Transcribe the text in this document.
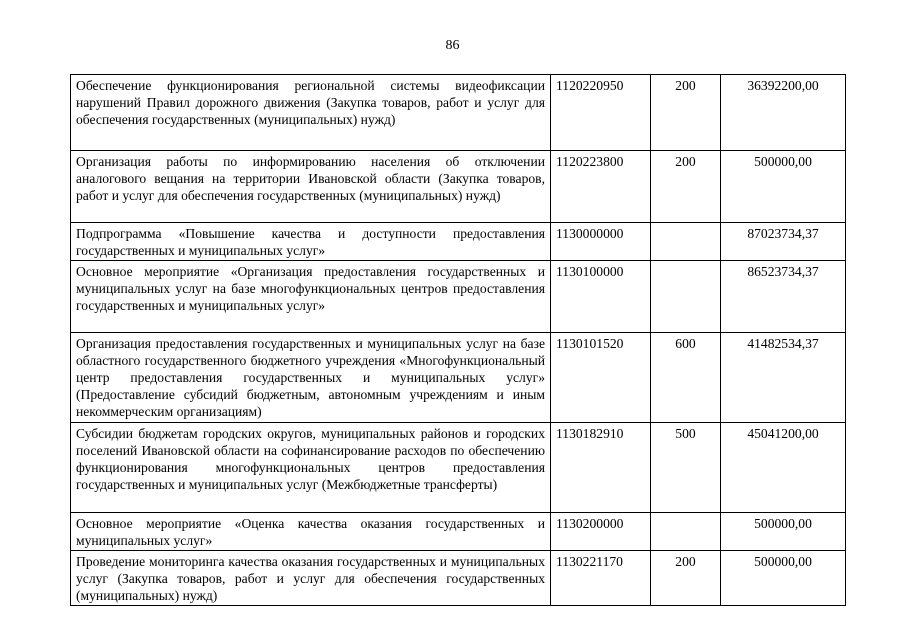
86
Обеспечение функционирования региональной системы видеофиксации нарушений Правил дорожного движения (Закупка товаров, работ и услуг для обеспечения государственных (муниципальных) нужд)	1120220950	200	36392200,00
Организация работы по информированию населения об отключении аналогового вещания на территории Ивановской области (Закупка товаров, работ и услуг для обеспечения государственных (муниципальных) нужд)	1120223800	200	500000,00
Подпрограмма «Повышение качества и доступности предоставления государственных и муниципальных услуг»	1130000000		87023734,37
Основное мероприятие «Организация предоставления государственных и муниципальных услуг на базе многофункциональных центров предоставления государственных и муниципальных услуг»	1130100000		86523734,37
Организация предоставления государственных и муниципальных услуг на базе областного государственного бюджетного учреждения «Многофункциональный центр предоставления государственных и муниципальных услуг» (Предоставление субсидий бюджетным, автономным учреждениям и иным некоммерческим организациям)	1130101520	600	41482534,37
Субсидии бюджетам городских округов, муниципальных районов и городских поселений Ивановской области на софинансирование расходов по обеспечению функционирования многофункциональных центров предоставления государственных и муниципальных услуг (Межбюджетные трансферты)	1130182910	500	45041200,00
Основное мероприятие «Оценка качества оказания государственных и муниципальных услуг»	1130200000		500000,00
Проведение мониторинга качества оказания государственных и муниципальных услуг (Закупка товаров, работ и услуг для обеспечения государственных (муниципальных) нужд)	1130221170	200	500000,00
